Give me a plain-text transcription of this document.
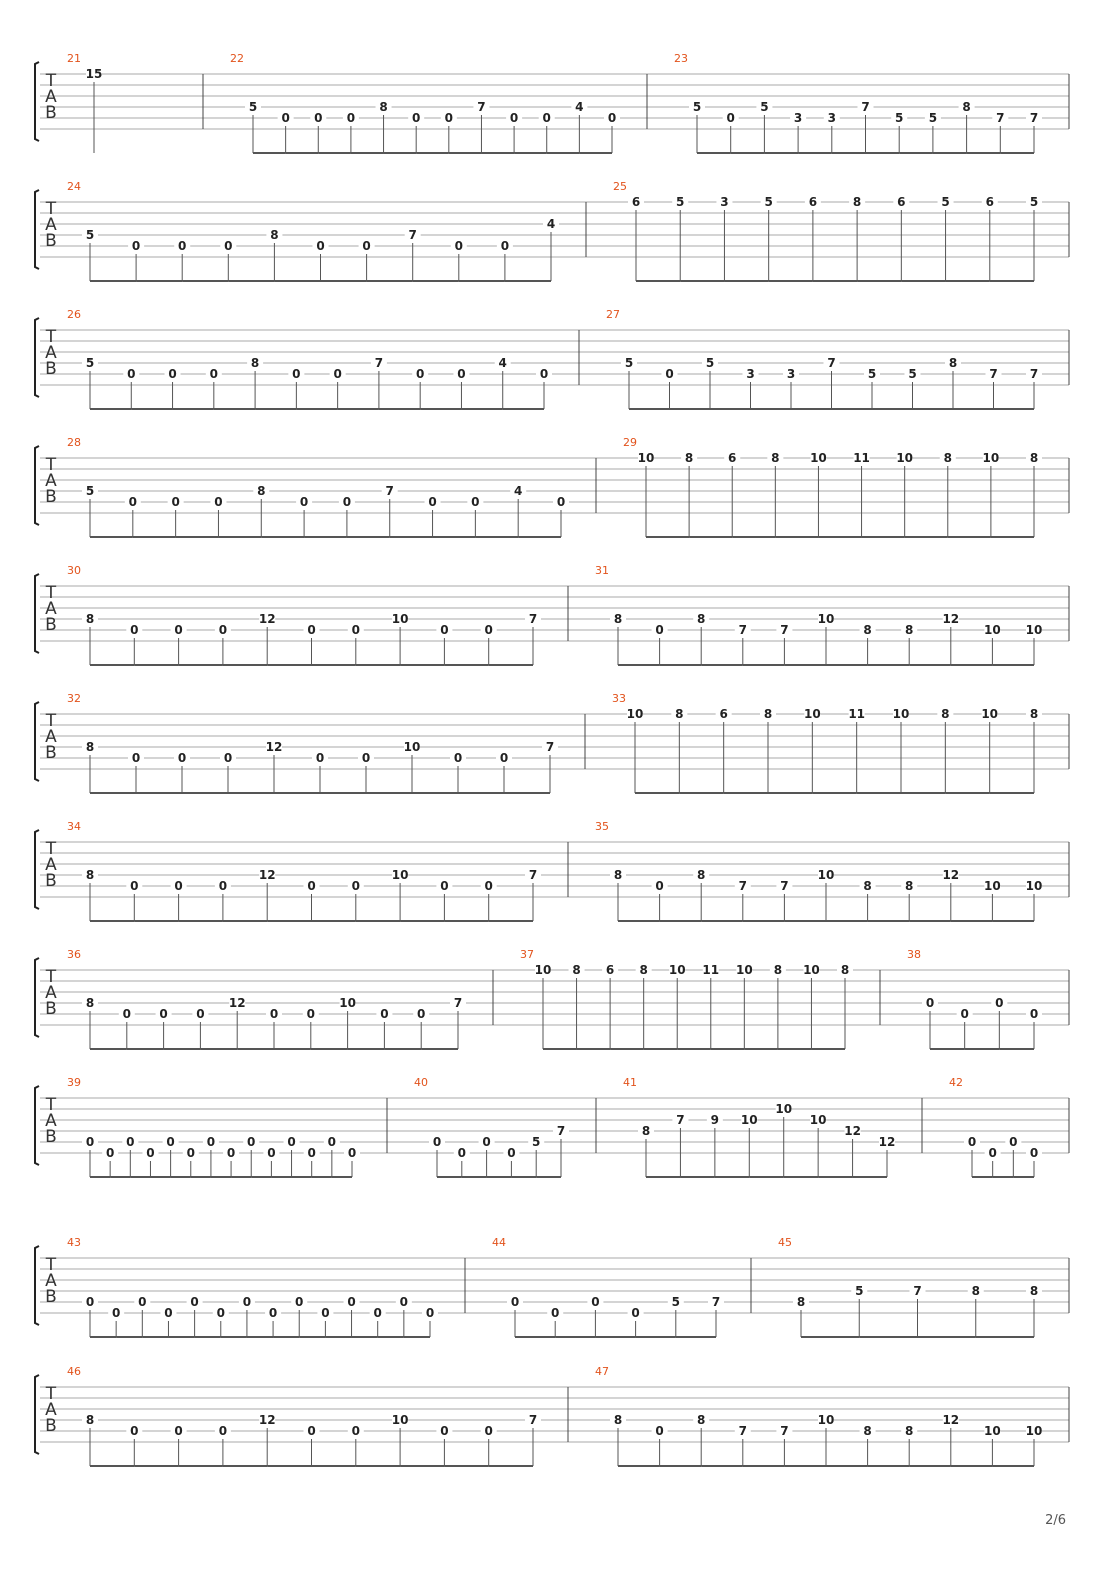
T
A
B
21
15
22
5
0 0 0
8
0 0
7
0 0
4
0
23
5
0
5
3 3
7
5 5
8
7 7
T
A
B
24
5
0	0	0
8
0	0
7
0	0
4
25
6	5	3	5	6	8	6	5	6	5
T
A
B
26
5
0	0	0
8
0	0
7
0	0
4
0
27
5
0
5
3	3
7
5	5
8
7	7
T
A
B
28
5
0	0	0
8
0	0
7
0	0
4
0
29
10	8	6	8	10 11 10	8	10	8
T
A
B
30
8
0	0	0
12
0	0
10
0	0
7
31
8
0
8
7	7
10
8	8
12
10 10
T
A
B
32
8
0	0	0
12
0	0
10
0	0
7
33
10	8	6	8	10 11 10	8	10	8
T
A
B
34
8
0	0	0
12
0	0
10
0	0
7
35
8
0
8
7	7
10
8	8
12
10 10
T
A
B
36
8
0 0 0
12
0 0
10
0 0
7
37
10 8 6 8 10 11 10 8 10 8
38
0
0
0
0
T
A
B
39
0
0
0
0
0
0
0
0
0
0
0
0
0
0
40
0
0
0
0
5
7
41
8
7 9 10
10
10
12
12
42
0
0
0
0
T
A
B
43
0
0
0
0
0
0
0
0
0
0
0
0
0
0
44
0
0
0
0
5	7
45
8
5	7	8	8
T
A
B
46
8
0	0	0
12
0	0
10
0	0
7
47
8
0
8
7	7
10
8	8
12
10 10
2/6
